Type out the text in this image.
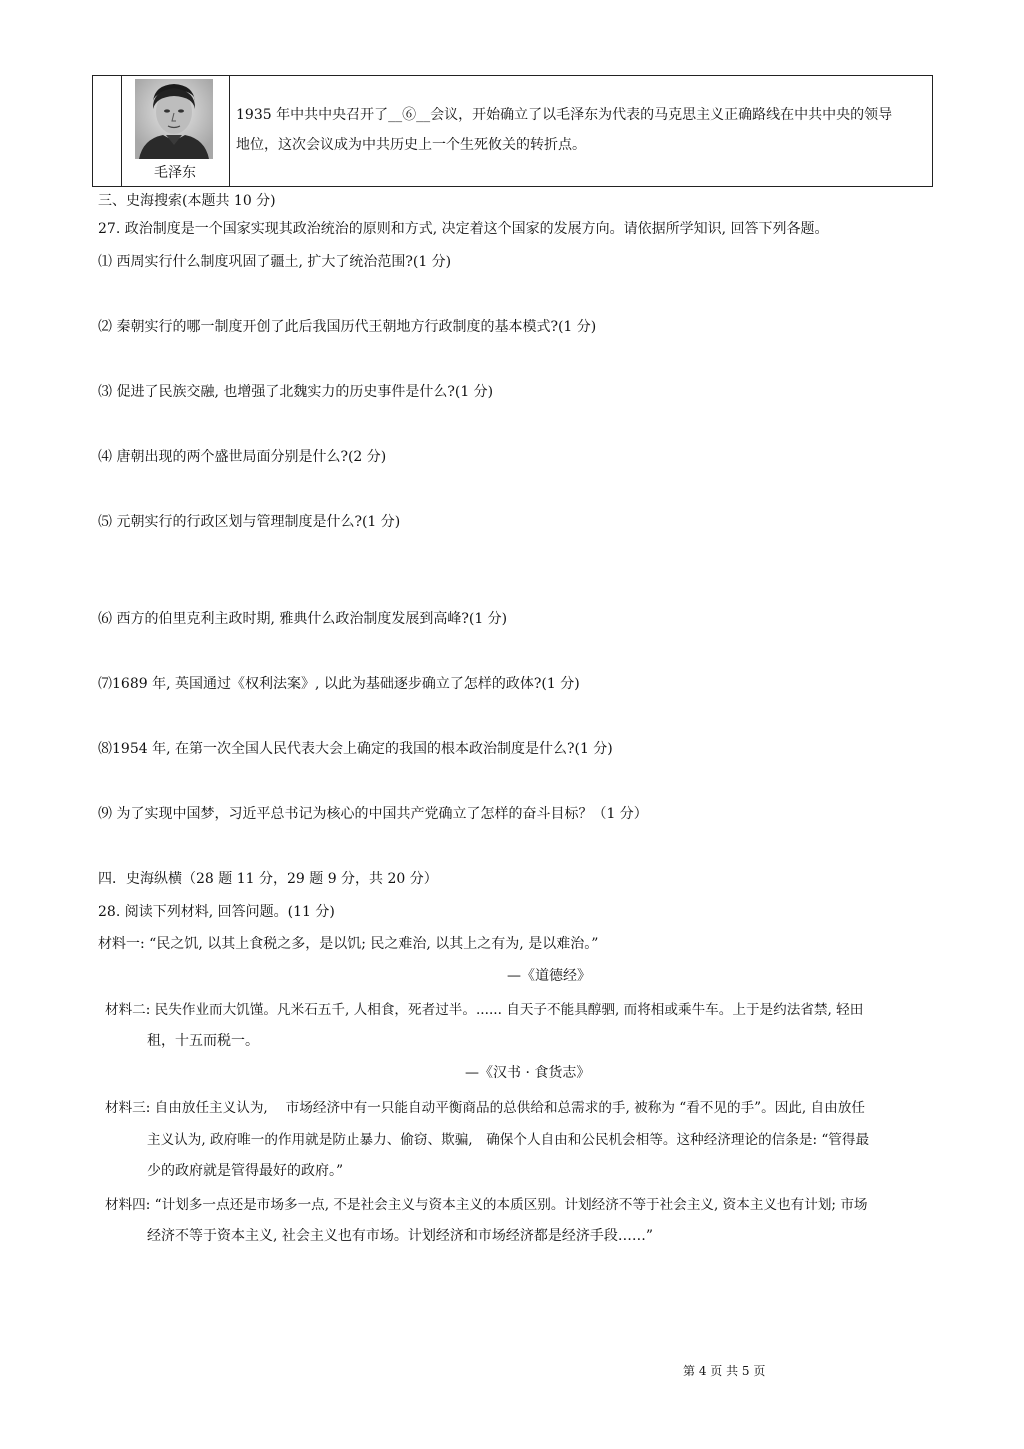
毛泽东
1935 年中共中央召开了__⑥__会议，开始确立了以毛泽东为代表的马克思主义正确路线在中共中央的领导
地位，这次会议成为中共历史上一个生死攸关的转折点。
三、史海搜索(本题共 10 分)
27. 政治制度是一个国家实现其政治统治的原则和方式, 决定着这个国家的发展方向。请依据所学知识, 回答下列各题。
⑴ 西周实行什么制度巩固了疆土, 扩大了统治范围?(1 分)
⑵ 秦朝实行的哪一制度开创了此后我国历代王朝地方行政制度的基本模式?(1 分)
⑶ 促进了民族交融, 也增强了北魏实力的历史事件是什么?(1 分)
⑷ 唐朝出现的两个盛世局面分别是什么?(2 分)
⑸ 元朝实行的行政区划与管理制度是什么?(1 分)
⑹ 西方的伯里克利主政时期, 雅典什么政治制度发展到高峰?(1 分)
⑺1689 年, 英国通过《权利法案》, 以此为基础逐步确立了怎样的政体?(1 分)
⑻1954 年, 在第一次全国人民代表大会上确定的我国的根本政治制度是什么?(1 分)
⑼ 为了实现中国梦，习近平总书记为核心的中国共产党确立了怎样的奋斗目标？（1 分）
四．史海纵横（28 题 11 分，29 题 9 分，共 20 分）
28. 阅读下列材料, 回答问题。(11 分)
材料一: “民之饥, 以其上食税之多，是以饥; 民之难治, 以其上之有为, 是以难治。”
—《道德经》
材料二: 民失作业而大饥馑。凡米石五千, 人相食，死者过半。...... 自天子不能具醇驷, 而将相或乘牛车。上于是约法省禁, 轻田
租，十五而税一。
—《汉书 · 食货志》
材料三: 自由放任主义认为,　 市场经济中有一只能自动平衡商品的总供给和总需求的手, 被称为 “看不见的手”。因此, 自由放任
主义认为, 政府唯一的作用就是防止暴力、偷窃、欺骗,　确保个人自由和公民机会相等。这种经济理论的信条是: “管得最
少的政府就是管得最好的政府。”
材料四: “计划多一点还是市场多一点, 不是社会主义与资本主义的本质区别。计划经济不等于社会主义, 资本主义也有计划; 市场
经济不等于资本主义, 社会主义也有市场。计划经济和市场经济都是经济手段……”
第 4 页 共 5 页
